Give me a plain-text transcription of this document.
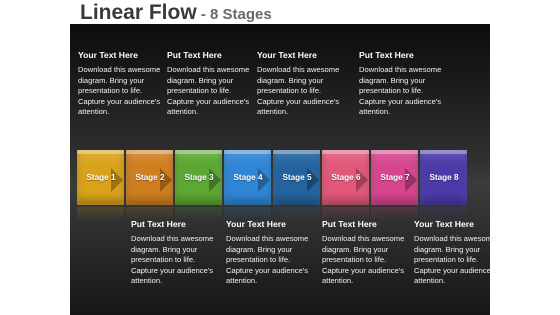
Linear Flow - 8 Stages
Your Text Here
Download this awesome diagram. Bring your presentation to life. Capture your audience's attention.
Put Text Here
Download this awesome diagram. Bring your presentation to life. Capture your audience's attention.
Your Text Here
Download this awesome diagram. Bring your presentation to life. Capture your audience's attention.
Put Text Here
Download this awesome diagram. Bring your presentation to life. Capture your audience's attention.
Stage 1	Stage 2	Stage 3	Stage 4	Stage 5	Stage 6	Stage 7	Stage 8
Put Text Here
Download this awesome diagram. Bring your presentation to life. Capture your audience's attention.
Your Text Here
Download this awesome diagram. Bring your presentation to life. Capture your audience's attention.
Put Text Here
Download this awesome diagram. Bring your presentation to life. Capture your audience's attention.
Your Text Here
Download this awesome diagram. Bring your presentation to life. Capture your audience's attention.
